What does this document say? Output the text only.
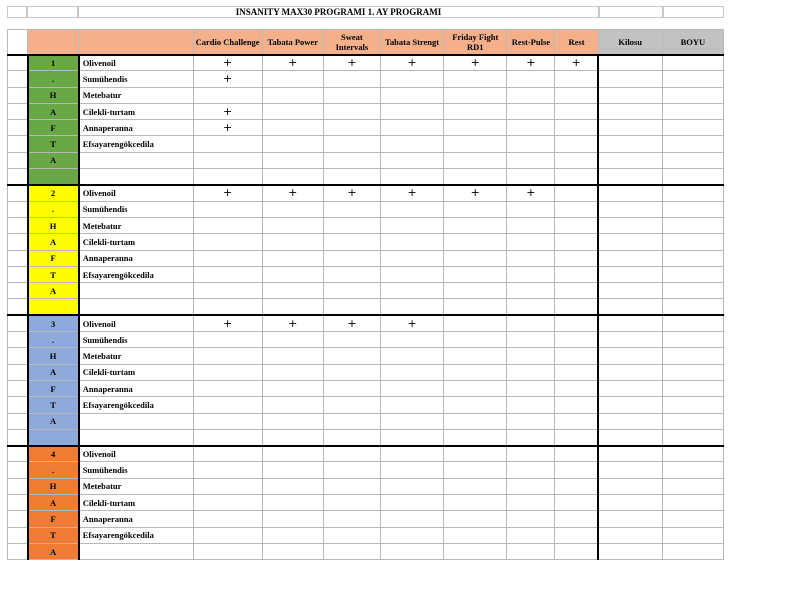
INSANITY MAX30 PROGRAMI 1. AY PROGRAMI
			Cardio Challenge	Tabata Power	Sweat Intervals	Tabata Strengt	Friday Fight RD1	Rest-Pulse	Rest	Kilosu	BOYU
	1	Olivenoil	+	+	+	+	+	+	+		
	.	Sumühendis	+								
	H	Metebatur									
	A	Cilekli-turtam	+								
	F	Annaperanna	+								
	T	Efsayarengökcedila									
	A										

	2	Olivenoil	+	+	+	+	+	+			
	.	Sumühendis									
	H	Metebatur									
	A	Cilekli-turtam									
	F	Annaperanna									
	T	Efsayarengökcedila									
	A										

	3	Olivenoil	+	+	+	+					
	.	Sumühendis									
	H	Metebatur									
	A	Cilekli-turtam									
	F	Annaperanna									
	T	Efsayarengökcedila									
	A										

	4	Olivenoil									
	.	Sumühendis									
	H	Metebatur									
	A	Cilekli-turtam									
	F	Annaperanna									
	T	Efsayarengökcedila									
	A										
